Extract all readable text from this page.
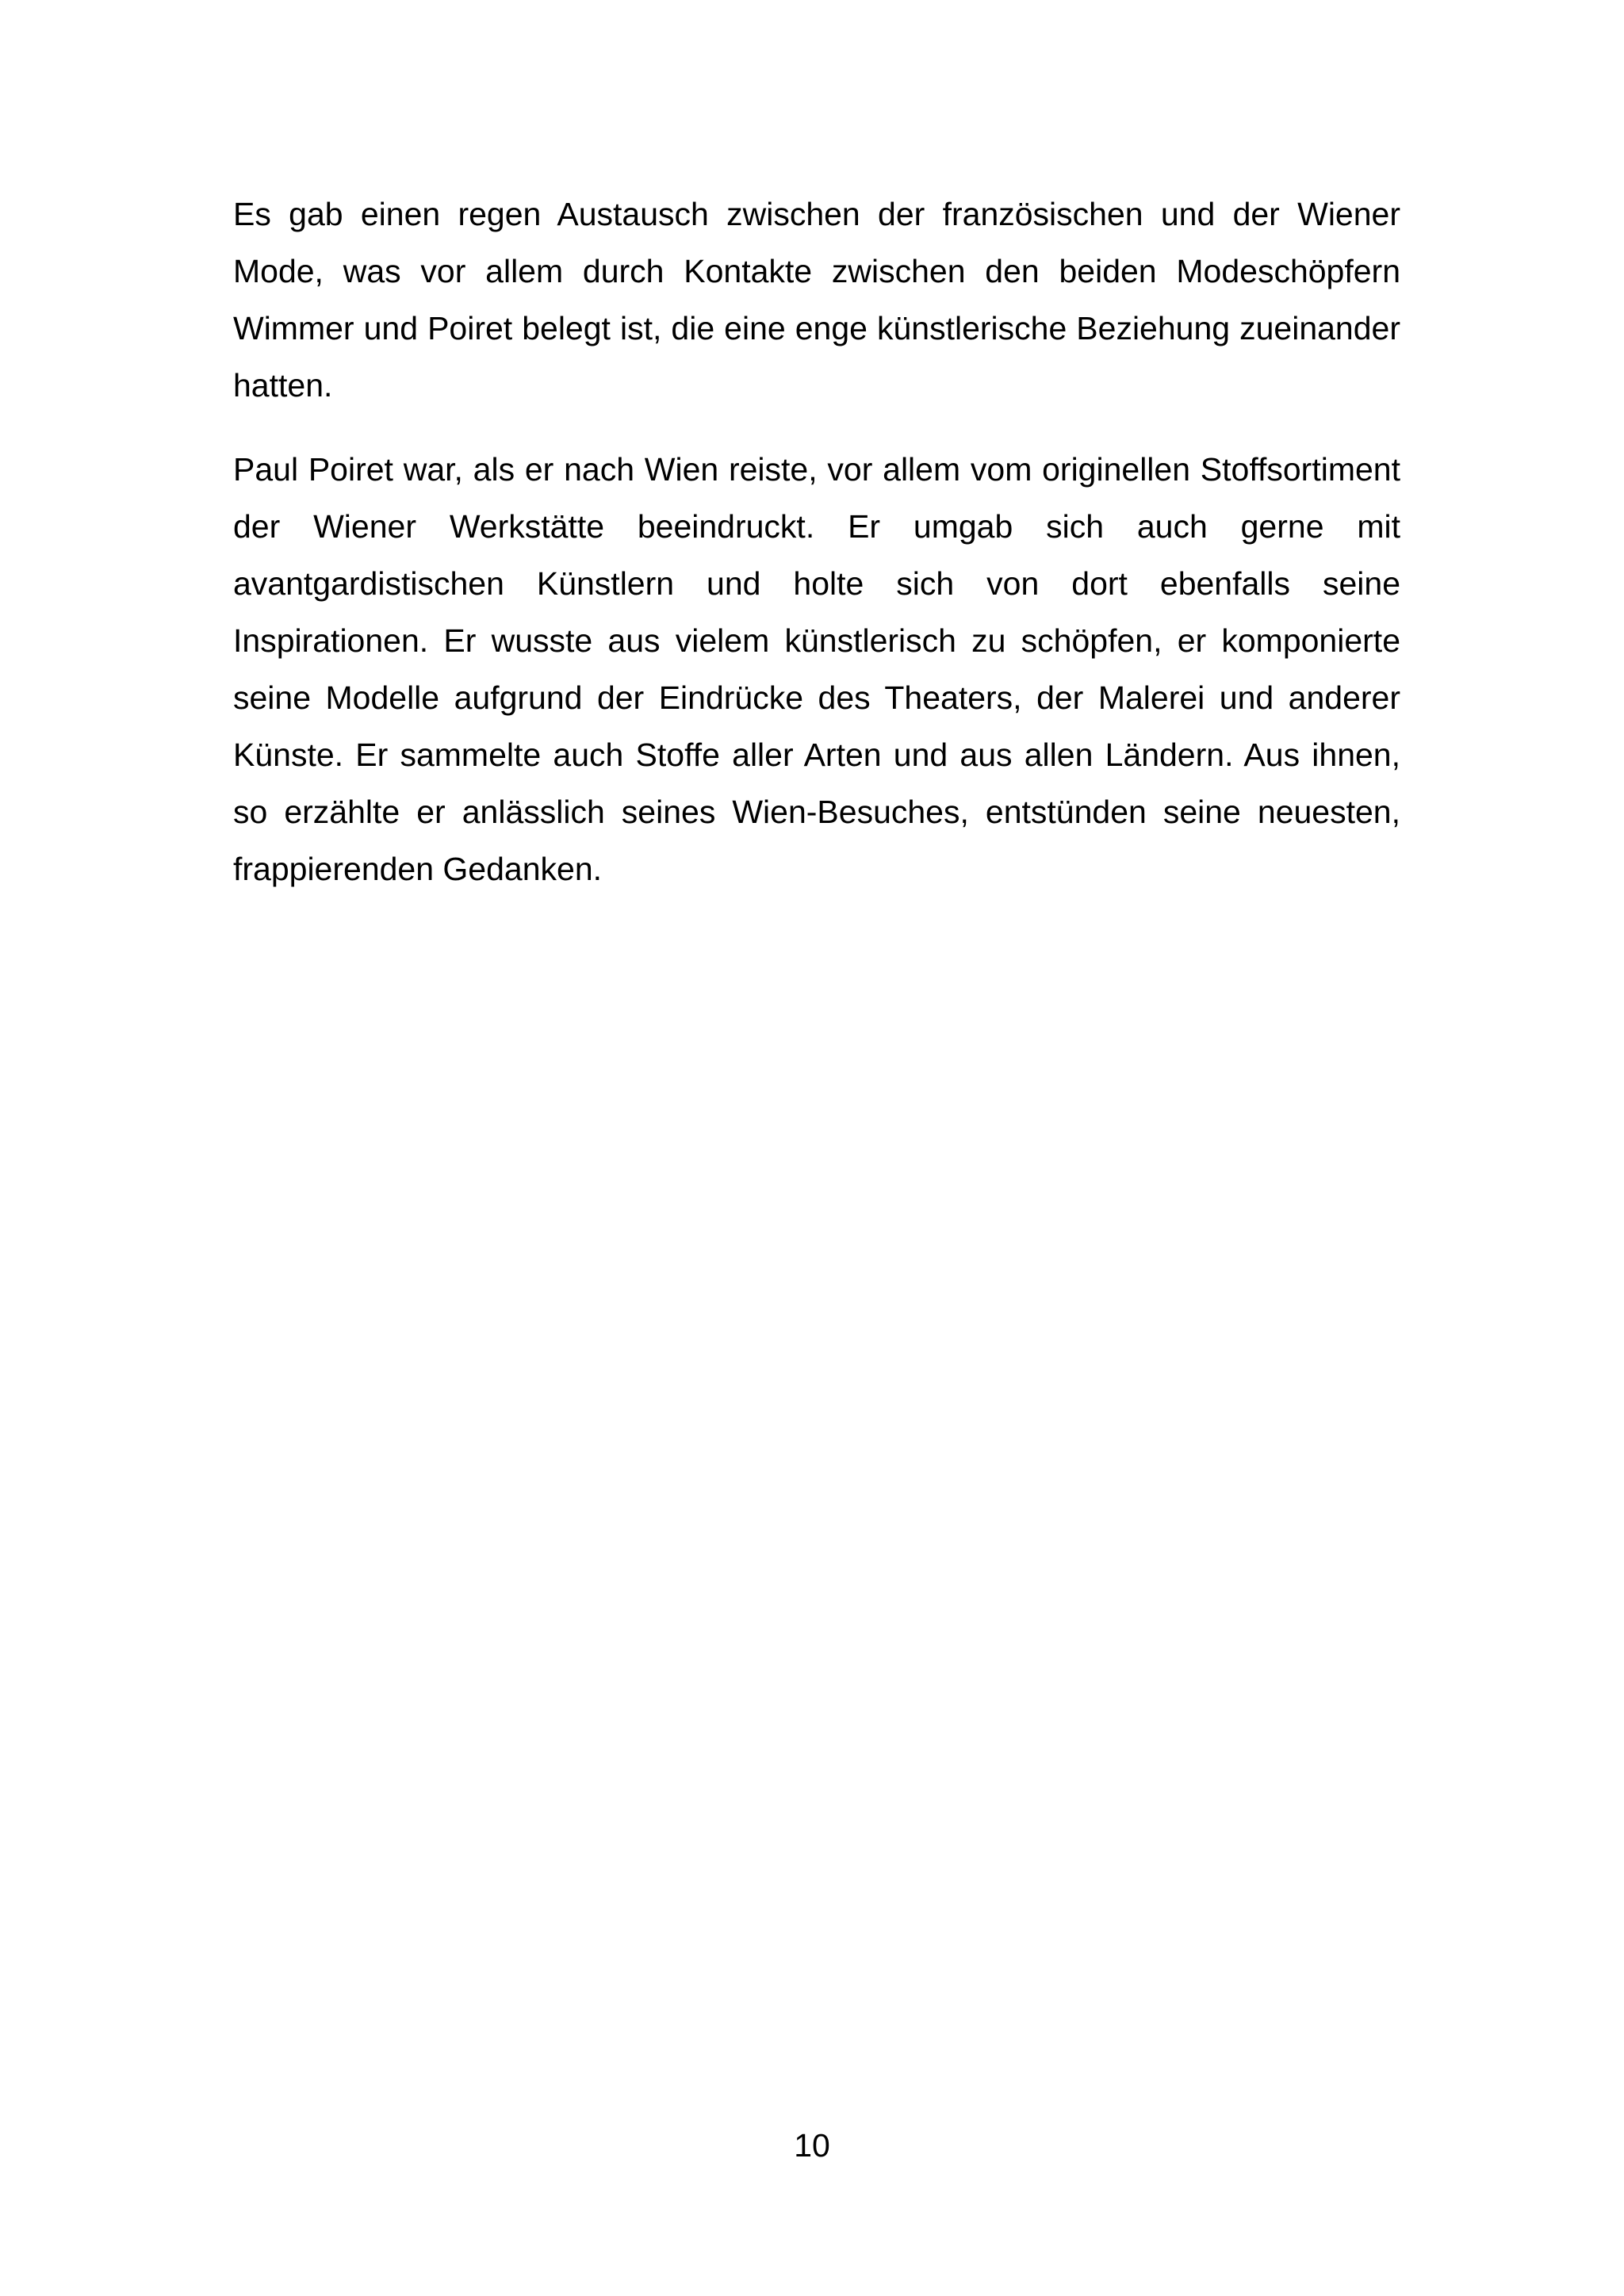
Es gab einen regen Austausch zwischen der französischen und der Wiener Mode, was vor allem durch Kontakte zwischen den beiden Modeschöpfern Wimmer und Poiret belegt ist, die eine enge künstlerische Beziehung zueinander hatten.

Paul Poiret war, als er nach Wien reiste, vor allem vom originellen Stoffsortiment der Wiener Werkstätte beeindruckt. Er umgab sich auch gerne mit avantgardistischen Künstlern und holte sich von dort ebenfalls seine Inspirationen. Er wusste aus vielem künstlerisch zu schöpfen, er komponierte seine Modelle aufgrund der Eindrücke des Theaters, der Malerei und anderer Künste. Er sammelte auch Stoffe aller Arten und aus allen Ländern. Aus ihnen, so erzählte er anlässlich seines Wien-Besuches, entstünden seine neuesten, frappierenden Gedanken.

10
